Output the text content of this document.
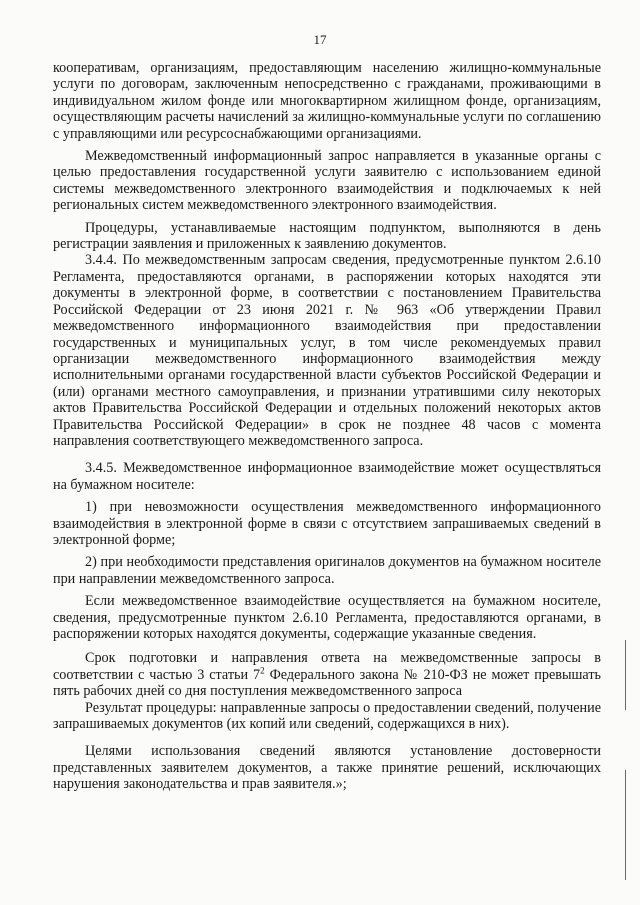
17

кооперативам, организациям, предоставляющим населению жилищно-коммунальные услуги по договорам, заключенным непосредственно с гражданами, проживающими в индивидуальном жилом фонде или многоквартирном жилищном фонде, организациям, осуществляющим расчеты начислений за жилищно-коммунальные услуги по соглашению с управляющими или ресурсоснабжающими организациями.

Межведомственный информационный запрос направляется в указанные органы с целью предоставления государственной услуги заявителю с использованием единой системы межведомственного электронного взаимодействия и подключаемых к ней региональных систем межведомственного электронного взаимодействия.

Процедуры, устанавливаемые настоящим подпунктом, выполняются в день регистрации заявления и приложенных к заявлению документов.

3.4.4. По межведомственным запросам сведения, предусмотренные пунктом 2.6.10 Регламента, предоставляются органами, в распоряжении которых находятся эти документы в электронной форме, в соответствии с постановлением Правительства Российской Федерации от 23 июня 2021 г. № 963 «Об утверждении Правил межведомственного информационного взаимодействия при предоставлении государственных и муниципальных услуг, в том числе рекомендуемых правил организации межведомственного информационного взаимодействия между исполнительными органами государственной власти субъектов Российской Федерации и (или) органами местного самоуправления, и признании утратившими силу некоторых актов Правительства Российской Федерации и отдельных положений некоторых актов Правительства Российской Федерации» в срок не позднее 48 часов с момента направления соответствующего межведомственного запроса.

3.4.5. Межведомственное информационное взаимодействие может осуществляться на бумажном носителе:

1) при невозможности осуществления межведомственного информационного взаимодействия в электронной форме в связи с отсутствием запрашиваемых сведений в электронной форме;

2) при необходимости представления оригиналов документов на бумажном носителе при направлении межведомственного запроса.

Если межведомственное взаимодействие осуществляется на бумажном носителе, сведения, предусмотренные пунктом 2.6.10 Регламента, предоставляются органами, в распоряжении которых находятся документы, содержащие указанные сведения.

Срок подготовки и направления ответа на межведомственные запросы в соответствии с частью 3 статьи $7^2$ Федерального закона № 210-ФЗ не может превышать пять рабочих дней со дня поступления межведомственного запроса

Результат процедуры: направленные запросы о предоставлении сведений, получение запрашиваемых документов (их копий или сведений, содержащихся в них).

Целями использования сведений являются установление достоверности представленных заявителем документов, а также принятие решений, исключающих нарушения законодательства и прав заявителя.»;
